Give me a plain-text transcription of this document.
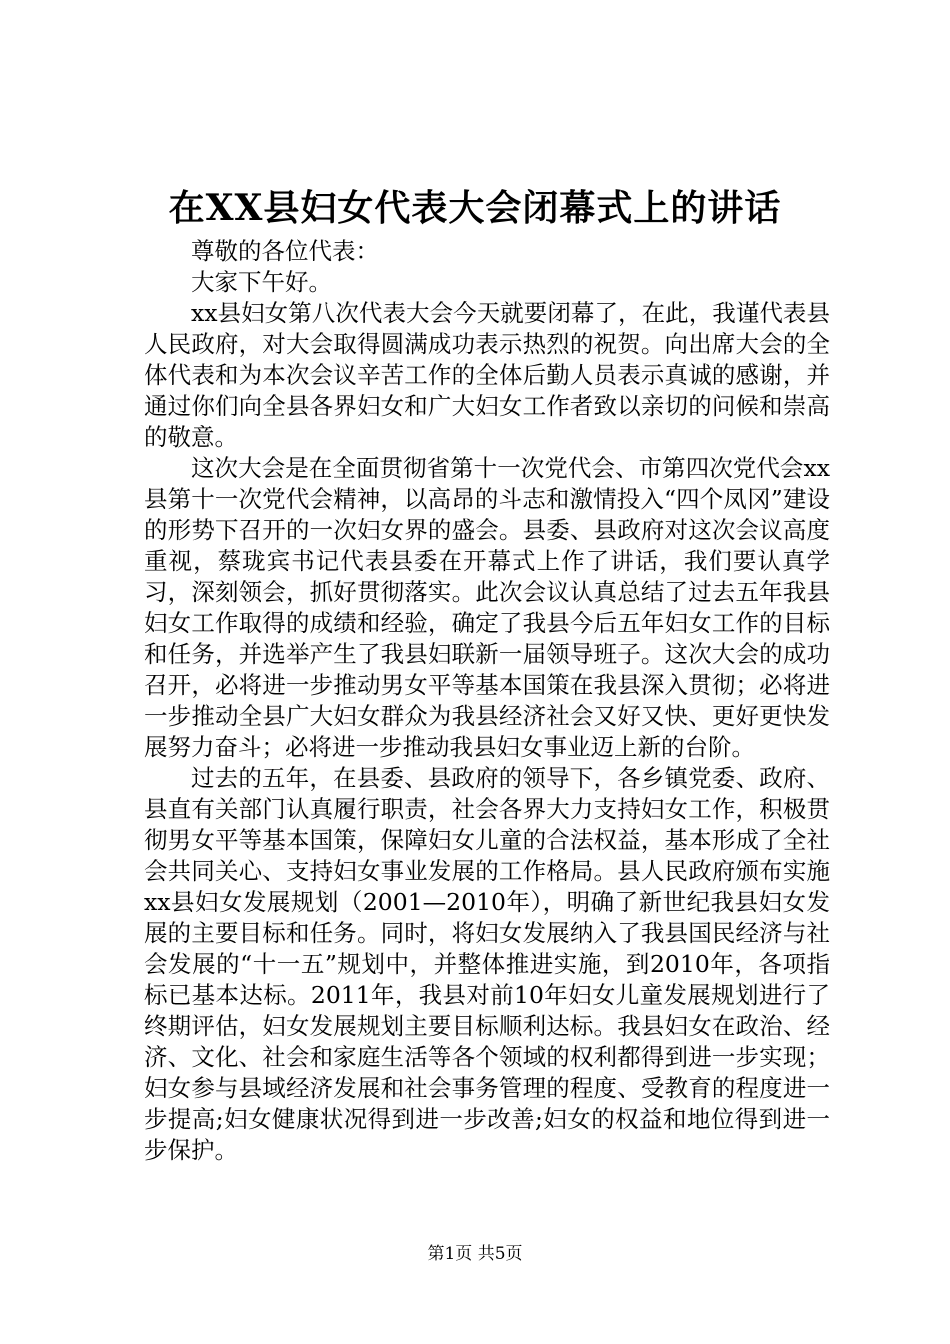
在XX县妇女代表大会闭幕式上的讲话

尊敬的各位代表：

大家下午好。

xx县妇女第八次代表大会今天就要闭幕了，在此，我谨代表县人民政府，对大会取得圆满成功表示热烈的祝贺。向出席大会的全体代表和为本次会议辛苦工作的全体后勤人员表示真诚的感谢，并通过你们向全县各界妇女和广大妇女工作者致以亲切的问候和崇高的敬意。

这次大会是在全面贯彻省第十一次党代会、市第四次党代会xx县第十一次党代会精神，以高昂的斗志和激情投入“四个凤冈”建设的形势下召开的一次妇女界的盛会。县委、县政府对这次会议高度重视，蔡珑宾书记代表县委在开幕式上作了讲话，我们要认真学习，深刻领会，抓好贯彻落实。此次会议认真总结了过去五年我县妇女工作取得的成绩和经验，确定了我县今后五年妇女工作的目标和任务，并选举产生了我县妇联新一届领导班子。这次大会的成功召开，必将进一步推动男女平等基本国策在我县深入贯彻；必将进一步推动全县广大妇女群众为我县经济社会又好又快、更好更快发展努力奋斗；必将进一步推动我县妇女事业迈上新的台阶。

过去的五年，在县委、县政府的领导下，各乡镇党委、政府、县直有关部门认真履行职责，社会各界大力支持妇女工作，积极贯彻男女平等基本国策，保障妇女儿童的合法权益，基本形成了全社会共同关心、支持妇女事业发展的工作格局。县人民政府颁布实施xx县妇女发展规划（2001—2010年），明确了新世纪我县妇女发展的主要目标和任务。同时，将妇女发展纳入了我县国民经济与社会发展的“十一五”规划中，并整体推进实施，到2010年，各项指标已基本达标。2011年，我县对前10年妇女儿童发展规划进行了终期评估，妇女发展规划主要目标顺利达标。我县妇女在政治、经济、文化、社会和家庭生活等各个领域的权利都得到进一步实现；妇女参与县域经济发展和社会事务管理的程度、受教育的程度进一步提高;妇女健康状况得到进一步改善;妇女的权益和地位得到进一步保护。

第1页 共5页
